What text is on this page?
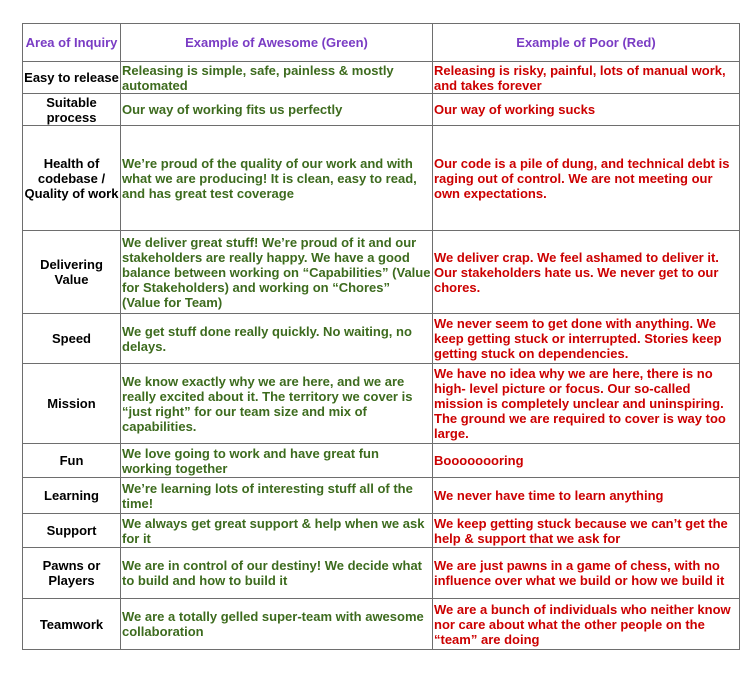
Area of Inquiry	Example of Awesome (Green)	Example of Poor (Red)
Easy to release	Releasing is simple, safe, painless & mostly automated	Releasing is risky, painful, lots of manual work, and takes forever
Suitable process	Our way of working fits us perfectly	Our way of working sucks
Health of codebase / Quality of work	We’re proud of the quality of our work and with what we are producing! It is clean, easy to read, and has great test coverage	Our code is a pile of dung, and technical debt is raging out of control. We are not meeting our own expectations.
Delivering Value	We deliver great stuff! We’re proud of it and our stakeholders are really happy. We have a good balance between working on “Capabilities” (Value for Stakeholders) and working on “Chores” (Value for Team)	We deliver crap. We feel ashamed to deliver it. Our stakeholders hate us. We never get to our chores.
Speed	We get stuff done really quickly. No waiting, no delays.	We never seem to get done with anything. We keep getting stuck or interrupted. Stories keep getting stuck on dependencies.
Mission	We know exactly why we are here, and we are really excited about it. The territory we cover is “just right” for our team size and mix of capabilities.	We have no idea why we are here, there is no high- level picture or focus. Our so-called mission is completely unclear and uninspiring. The ground we are required to cover is way too large.
Fun	We love going to work and have great fun working together	Boooooooring
Learning	We’re learning lots of interesting stuff all of the time!	We never have time to learn anything
Support	We always get great support & help when we ask for it	We keep getting stuck because we can’t get the help & support that we ask for
Pawns or Players	We are in control of our destiny! We decide what to build and how to build it	We are just pawns in a game of chess, with no influence over what we build or how we build it
Teamwork	We are a totally gelled super-team with awesome collaboration	We are a bunch of individuals who neither know nor care about what the other people on the “team” are doing
